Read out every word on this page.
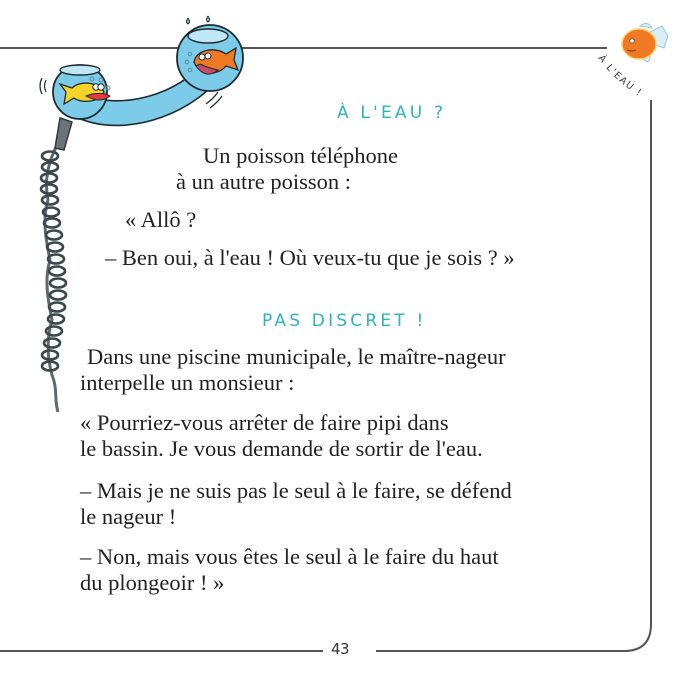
À L'EAU !
À L'EAU ?

Un poisson téléphone

à un autre poisson :

« Allô ?

– Ben oui, à l'eau ! Où veux-tu que je sois ? »

PAS DISCRET !

Dans une piscine municipale, le maître-nageur

interpelle un monsieur :

« Pourriez-vous arrêter de faire pipi dans

le bassin. Je vous demande de sortir de l'eau.

– Mais je ne suis pas le seul à le faire, se défend

le nageur !

– Non, mais vous êtes le seul à le faire du haut

du plongeoir ! »

43
